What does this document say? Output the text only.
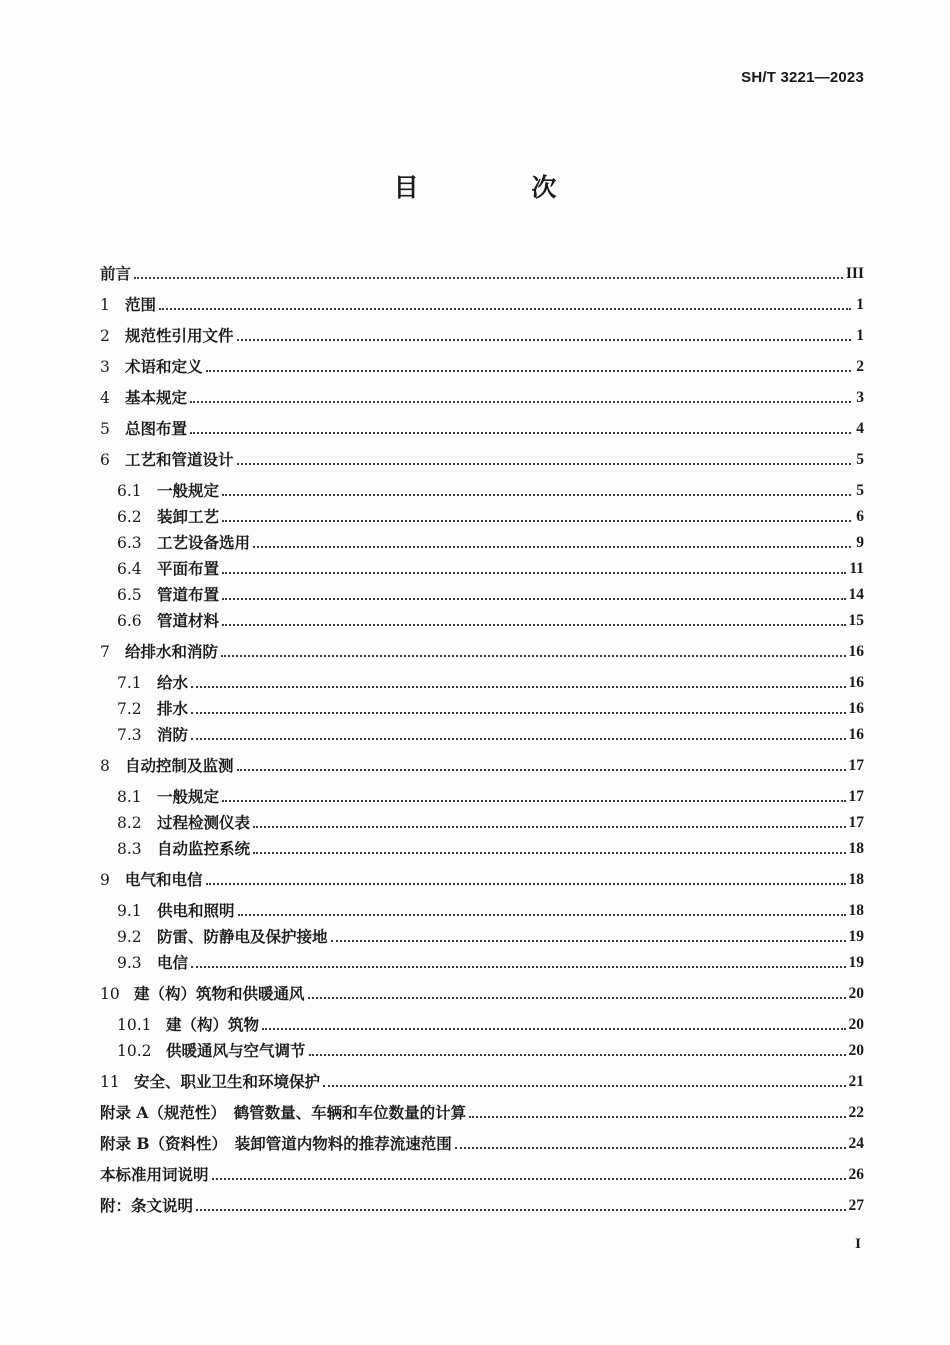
SH/T 3221—2023
目 次
前言	III
1 范围	1
2 规范性引用文件	1
3 术语和定义	2
4 基本规定	3
5 总图布置	4
6 工艺和管道设计	5
6.1 一般规定	5
6.2 装卸工艺	6
6.3 工艺设备选用	9
6.4 平面布置	11
6.5 管道布置	14
6.6 管道材料	15
7 给排水和消防	16
7.1 给水	16
7.2 排水	16
7.3 消防	16
8 自动控制及监测	17
8.1 一般规定	17
8.2 过程检测仪表	17
8.3 自动监控系统	18
9 电气和电信	18
9.1 供电和照明	18
9.2 防雷、防静电及保护接地	19
9.3 电信	19
10 建（构）筑物和供暖通风	20
10.1 建（构）筑物	20
10.2 供暖通风与空气调节	20
11 安全、职业卫生和环境保护	21
附录 A（规范性）　鹤管数量、车辆和车位数量的计算	22
附录 B（资料性）　装卸管道内物料的推荐流速范围	24
本标准用词说明	26
附：条文说明	27
I
